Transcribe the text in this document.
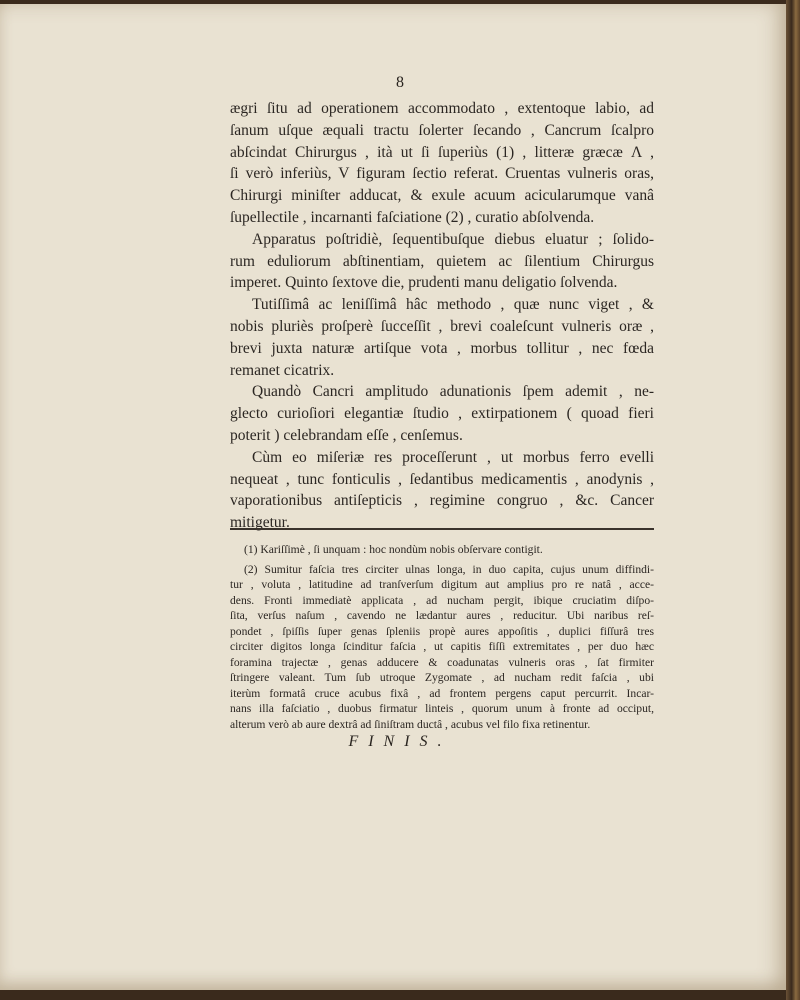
8
ægri ſitu ad operationem accommodato , extentoque labio, ad
ſanum uſque æquali tractu ſolerter ſecando , Cancrum ſcalpro
abſcindat Chirurgus , ità ut ſi ſuperiùs (1) , litteræ græcæ Λ ,
ſi verò inferiùs, V figuram ſectio referat. Cruentas vulneris oras,
Chirurgi miniſter adducat, & exule acuum acicularumque vanâ
ſupellectile , incarnanti faſciatione (2) , curatio abſolvenda.
Apparatus poſtridiè, ſequentibuſque diebus eluatur ; ſolido-
rum eduliorum abſtinentiam, quietem ac ſilentium Chirurgus
imperet. Quinto ſextove die, prudenti manu deligatio ſolvenda.
Tutiſſimâ ac leniſſimâ hâc methodo , quæ nunc viget , &
nobis pluriès proſperè ſucceſſit , brevi coaleſcunt vulneris oræ ,
brevi juxta naturæ artiſque vota , morbus tollitur , nec fœda
remanet cicatrix.
Quandò Cancri amplitudo adunationis ſpem ademit , ne-
glecto curioſiori elegantiæ ſtudio , extirpationem ( quoad fieri
poterit ) celebrandam eſſe , cenſemus.
Cùm eo miſeriæ res proceſſerunt , ut morbus ferro evelli
nequeat , tunc fonticulis , ſedantibus medicamentis , anodynis ,
vaporationibus antiſepticis , regimine congruo , &c. Cancer
mitigetur.
(1) Kariſſimè , ſi unquam : hoc nondùm nobis obſervare contigit.
(2) Sumitur faſcia tres circiter ulnas longa, in duo capita, cujus unum diffindi-
tur , voluta , latitudine ad tranſverſum digitum aut amplius pro re natâ , acce-
dens. Fronti immediatè applicata , ad nucham pergit, ibique cruciatim diſpo-
ſita, verſus naſum , cavendo ne lædantur aures , reducitur. Ubi naribus reſ-
pondet , ſpiſſis ſuper genas ſpleniis propè aures appoſitis , duplici fiſſurâ tres
circiter digitos longa ſcinditur faſcia , ut capitis fiſſi extremitates , per duo hæc
foramina trajectæ , genas adducere & coadunatas vulneris oras , ſat firmiter
ſtringere valeant. Tum ſub utroque Zygomate , ad nucham redit faſcia , ubi
iterùm formatâ cruce acubus fixâ , ad frontem pergens caput percurrit. Incar-
nans illa faſciatio , duobus firmatur linteis , quorum unum à fronte ad occiput,
alterum verò ab aure dextrâ ad ſiniſtram ductâ , acubus vel filo fixa retinentur.
FINIS.
